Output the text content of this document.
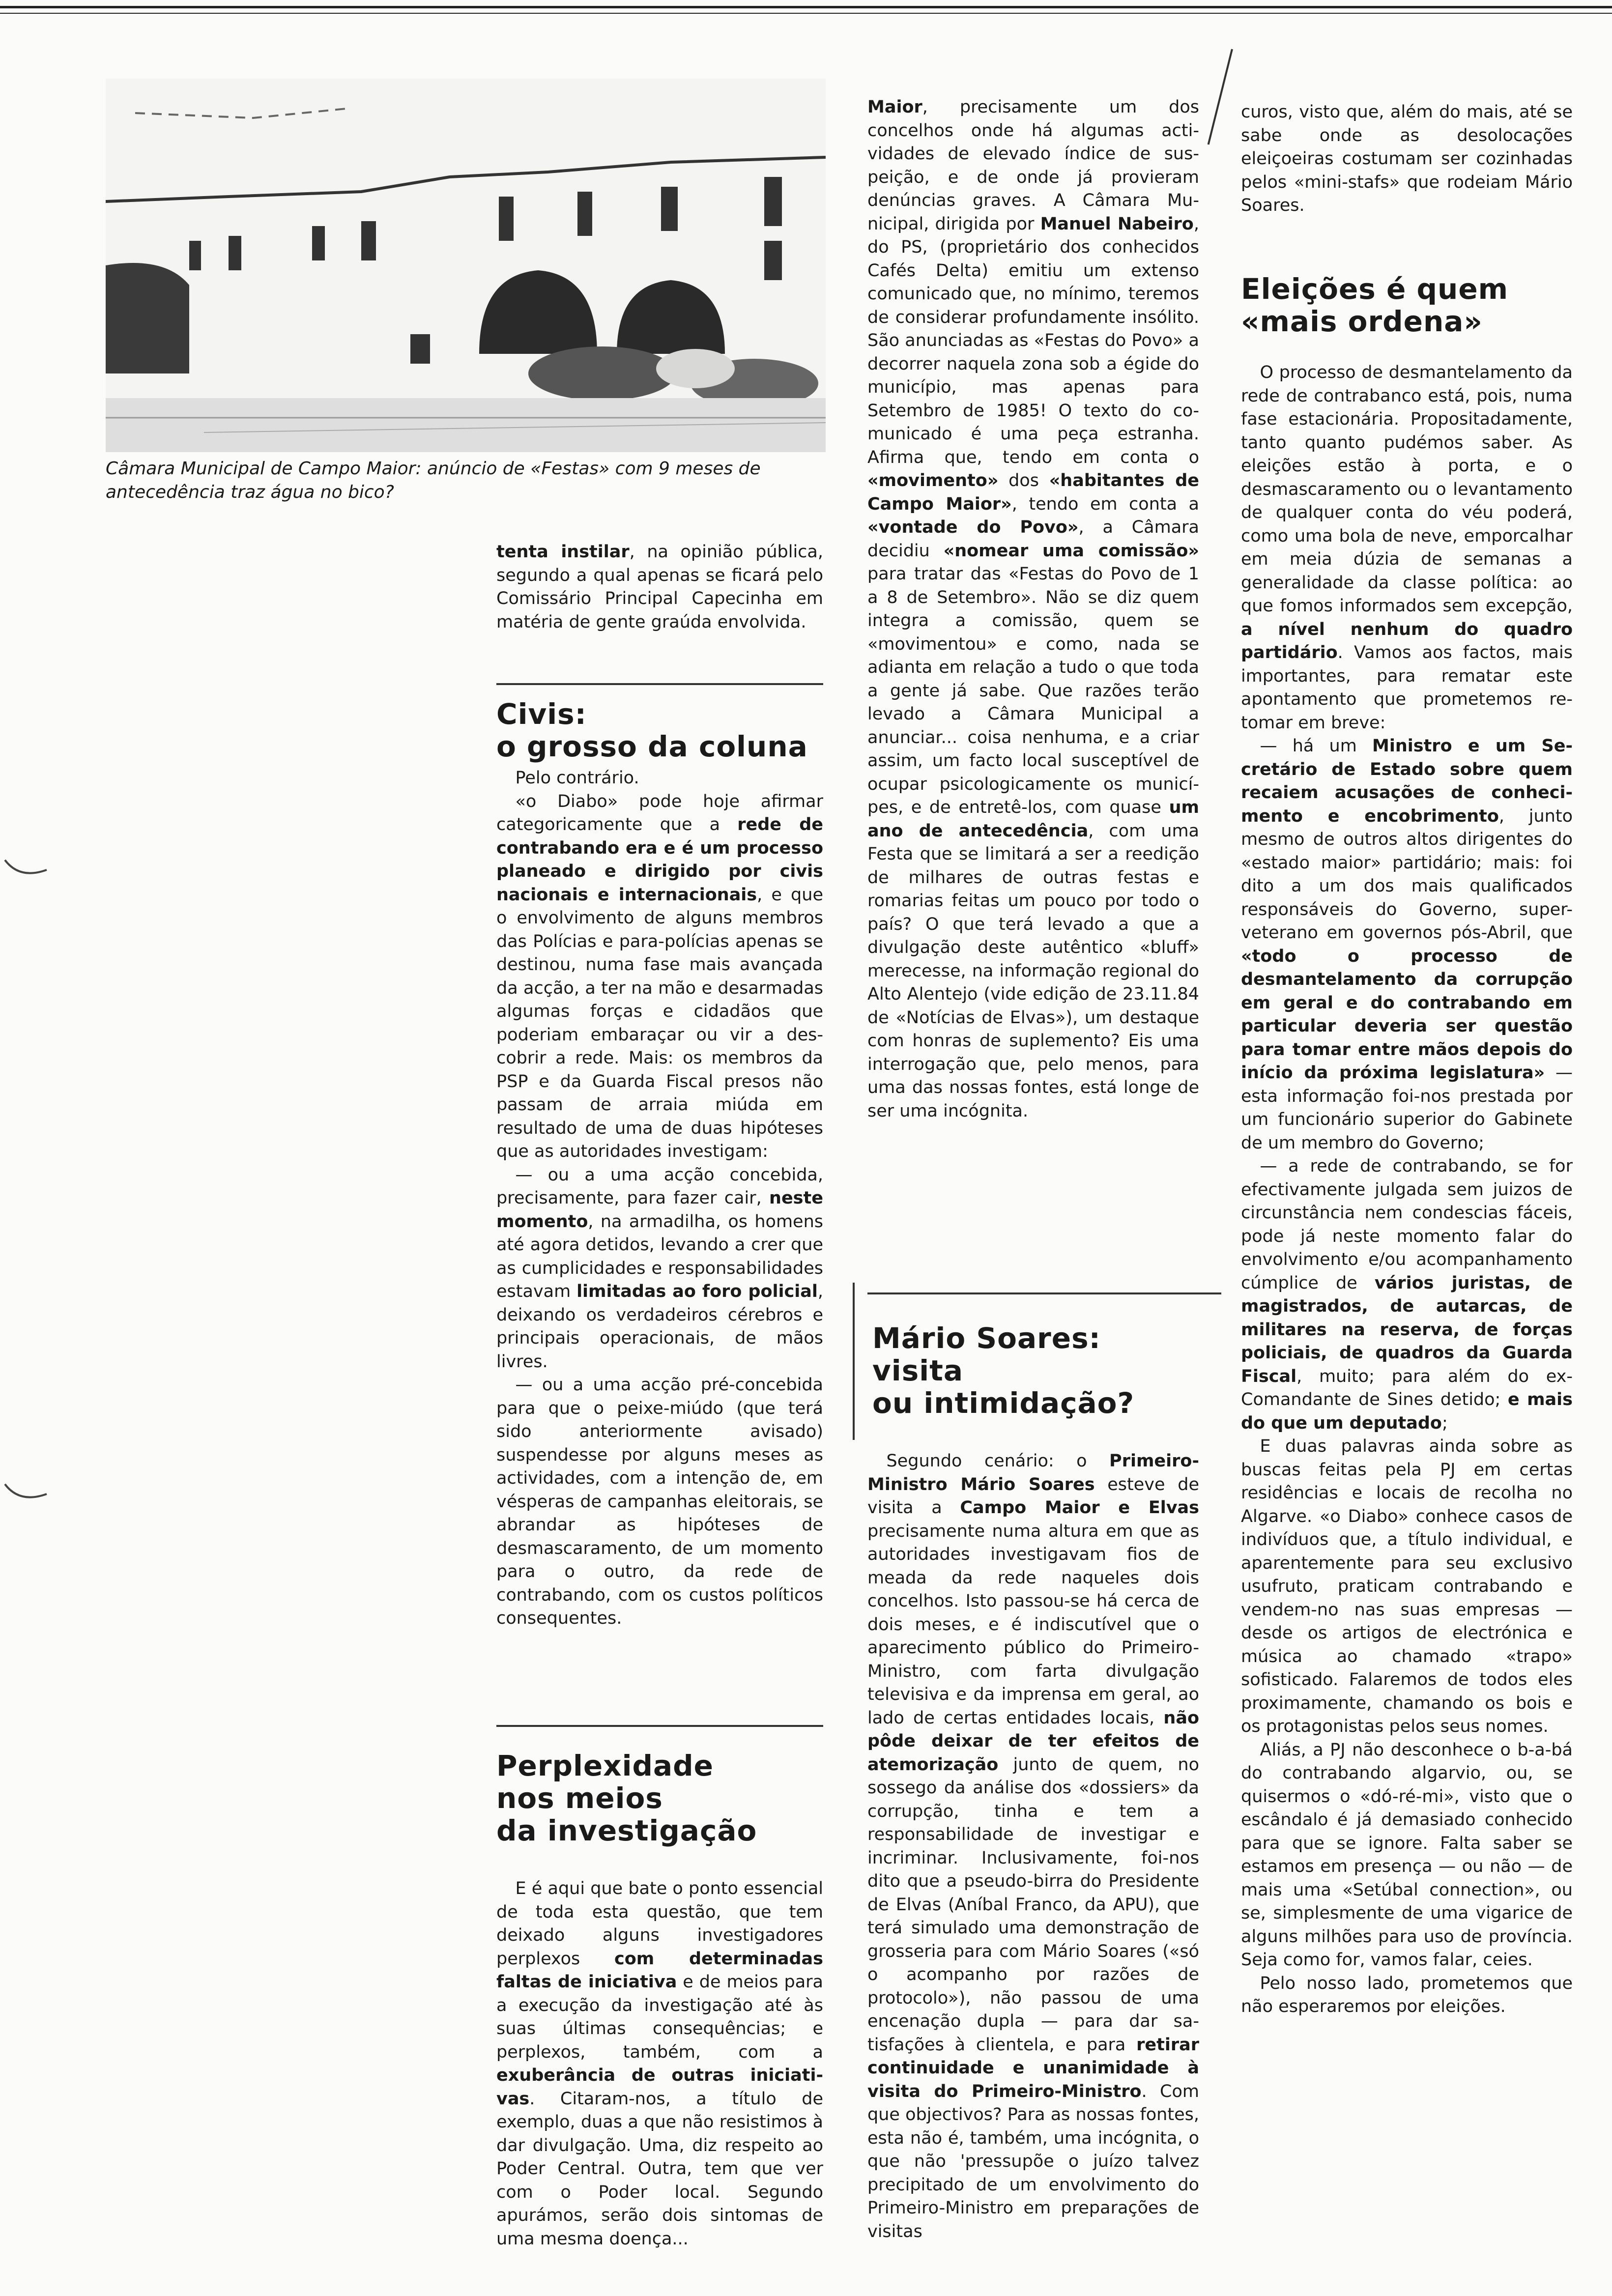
Câmara Municipal de Campo Maior: anúncio de «Festas» com 9 meses de antecedência traz água no bico?

tenta instilar, na opinião pública, segundo a qual apenas se ficará pelo Comissário Principal Capecinha em matéria de gente graúda envolvida.

Civis:
o grosso da coluna

Pelo contrário.

«o Diabo» pode hoje afirmar categoricamente que a rede de contrabando era e é um processo planeado e dirigido por civis nacionais e internacionais, e que o envolvimento de alguns membros das Polícias e para-polícias apenas se destinou, numa fase mais avançada da acção, a ter na mão e desarmadas algumas forças e cidadãos que poderiam embaraçar ou vir a descobrir a rede. Mais: os membros da PSP e da Guarda Fiscal presos não passam de arraia miúda em resultado de uma de duas hipóteses que as autoridades investigam:

— ou a uma acção concebida, precisamente, para fazer cair, neste momento, na armadilha, os homens até agora detidos, levando a crer que as cumplicidades e responsabilidades estavam limitadas ao foro policial, deixando os verdadeiros cérebros e principais operacionais, de mãos livres.

— ou a uma acção pré-concebida para que o peixe-miúdo (que terá sido anteriormente avisado) suspendesse por alguns meses as actividades, com a intenção de, em vésperas de campanhas eleitorais, se abrandar as hipóteses de desmascaramento, de um momento para o outro, da rede de contrabando, com os custos políticos consequentes.

Perplexidade
nos meios
da investigação

E é aqui que bate o ponto essencial de toda esta questão, que tem deixado alguns investigadores perplexos com determinadas faltas de iniciativa e de meios para a execução da investigação até às suas últimas consequências; e perplexos, também, com a exuberância de outras iniciativas. Citaram-nos, a título de exemplo, duas a que não resistimos à dar divulgação. Uma, diz respeito ao Poder Central. Outra, tem que ver com o Poder local. Segundo apurámos, serão dois sintomas de uma mesma doença...

Maior, precisamente um dos concelhos onde há algumas actividades de elevado índice de suspeição, e de onde já provieram denúncias graves. A Câmara Municipal, dirigida por Manuel Nabeiro, do PS, (proprietário dos conhecidos Cafés Delta) emitiu um extenso comunicado que, no mínimo, teremos de considerar profundamente insólito. São anunciadas as «Festas do Povo» a decorrer naquela zona sob a égide do município, mas apenas para Setembro de 1985! O texto do comunicado é uma peça estranha. Afirma que, tendo em conta o «movimento» dos «habitantes de Campo Maior», tendo em conta a «vontade do Povo», a Câmara decidiu «nomear uma comissão» para tratar das «Festas do Povo de 1 a 8 de Setembro». Não se diz quem integra a comissão, quem se «movimentou» e como, nada se adianta em relação a tudo o que toda a gente já sabe. Que razões terão levado a Câmara Municipal a anunciar... coisa nenhuma, e a criar assim, um facto local susceptível de ocupar psicologicamente os municípes, e de entretê-los, com quase um ano de antecedência, com uma Festa que se limitará a ser a reedição de milhares de outras festas e romarias feitas um pouco por todo o país? O que terá levado a que a divulgação deste autêntico «bluff» merecesse, na informação regional do Alto Alentejo (vide edição de 23.11.84 de «Notícias de Elvas»), um destaque com honras de suplemento? Eis uma interrogação que, pelo menos, para uma das nossas fontes, está longe de ser uma incógnita.

Mário Soares:
visita
ou intimidação?

Segundo cenário: o Primeiro-Ministro Mário Soares esteve de visita a Campo Maior e Elvas precisamente numa altura em que as autoridades investigavam fios de meada da rede naqueles dois concelhos. Isto passou-se há cerca de dois meses, e é indiscutível que o aparecimento público do Primeiro-Ministro, com farta divulgação televisiva e da imprensa em geral, ao lado de certas entidades locais, não pôde deixar de ter efeitos de atemorização junto de quem, no sossego da análise dos «dossiers» da corrupção, tinha e tem a responsabilidade de investigar e incriminar. Inclusivamente, foi-nos dito que a pseudo-birra do Presidente de Elvas (Aníbal Franco, da APU), que terá simulado uma demonstração de grosseria para com Mário Soares («só o acompanho por razões de protocolo»), não passou de uma encenação dupla — para dar satisfações à clientela, e para retirar continuidade e unanimidade à visita do Primeiro-Ministro. Com que objectivos? Para as nossas fontes, esta não é, também, uma incógnita, o que não 'pressupõe o juízo talvez precipitado de um envolvimento do Primeiro-Ministro em preparações de visitas

curos, visto que, além do mais, até se sabe onde as desolocações eleiçoeiras costumam ser cozinhadas pelos «mini-stafs» que rodeiam Mário Soares.

Eleições é quem
«mais ordena»

O processo de desmantelamento da rede de contrabanco está, pois, numa fase estacionária. Propositadamente, tanto quanto pudémos saber. As eleições estão à porta, e o desmascaramento ou o levantamento de qualquer conta do véu poderá, como uma bola de neve, emporcalhar em meia dúzia de semanas a generalidade da classe política: ao que fomos informados sem excepção, a nível nenhum do quadro partidário. Vamos aos factos, mais importantes, para rematar este apontamento que prometemos retomar em breve:

— há um Ministro e um Secretário de Estado sobre quem recaiem acusações de conhecimento e encobrimento, junto mesmo de outros altos dirigentes do «estado maior» partidário; mais: foi dito a um dos mais qualificados responsáveis do Governo, super-veterano em governos pós-Abril, que «todo o processo de desmantelamento da corrupção em geral e do contrabando em particular deveria ser questão para tomar entre mãos depois do início da próxima legislatura» — esta informação foi-nos prestada por um funcionário superior do Gabinete de um membro do Governo;

— a rede de contrabando, se for efectivamente julgada sem juizos de circunstância nem condescias fáceis, pode já neste momento falar do envolvimento e/ou acompanhamento cúmplice de vários juristas, de magistrados, de autarcas, de militares na reserva, de forças policiais, de quadros da Guarda Fiscal, muito; para além do ex-Comandante de Sines detido; e mais do que um deputado;

E duas palavras ainda sobre as buscas feitas pela PJ em certas residências e locais de recolha no Algarve. «o Diabo» conhece casos de indivíduos que, a título individual, e aparentemente para seu exclusivo usufruto, praticam contrabando e vendem-no nas suas empresas — desde os artigos de electrónica e música ao chamado «trapo» sofisticado. Falaremos de todos eles proximamente, chamando os bois e os protagonistas pelos seus nomes.

Aliás, a PJ não desconhece o b-a-bá do contrabando algarvio, ou, se quisermos o «dó-ré-mi», visto que o escândalo é já demasiado conhecido para que se ignore. Falta saber se estamos em presença — ou não — de mais uma «Setúbal connection», ou se, simplesmente de uma vigarice de alguns milhões para uso de província. Seja como for, vamos falar, ceies.

Pelo nosso lado, prometemos que não esperaremos por eleições.
